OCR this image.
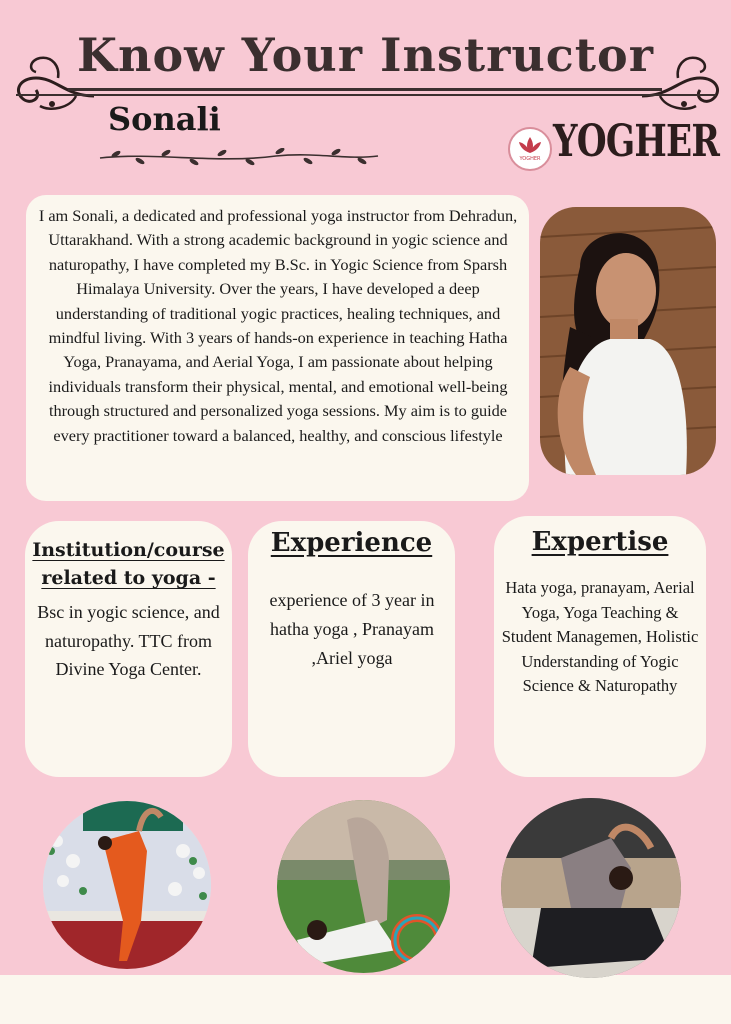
Know Your Instructor
Sonali
YOGHER YOGHER
I am Sonali, a dedicated and professional yoga instructor from Dehradun, Uttarakhand. With a strong academic background in yogic science and naturopathy, I have completed my B.Sc. in Yogic Science from Sparsh Himalaya University. Over the years, I have developed a deep understanding of traditional yogic practices, healing techniques, and mindful living. With 3 years of hands-on experience in teaching Hatha Yoga, Pranayama, and Aerial Yoga, I am passionate about helping individuals transform their physical, mental, and emotional well-being through structured and personalized yoga sessions. My aim is to guide every practitioner toward a balanced, healthy, and conscious lifestyle
Institution/course related to yoga -
Bsc in yogic science, and naturopathy. TTC from Divine Yoga Center.
Experience
experience of 3 year in hatha yoga , Pranayam ,Ariel yoga
Expertise
Hata yoga, pranayam, Aerial Yoga, Yoga Teaching & Student Managemen, Holistic Understanding of Yogic Science & Naturopathy
